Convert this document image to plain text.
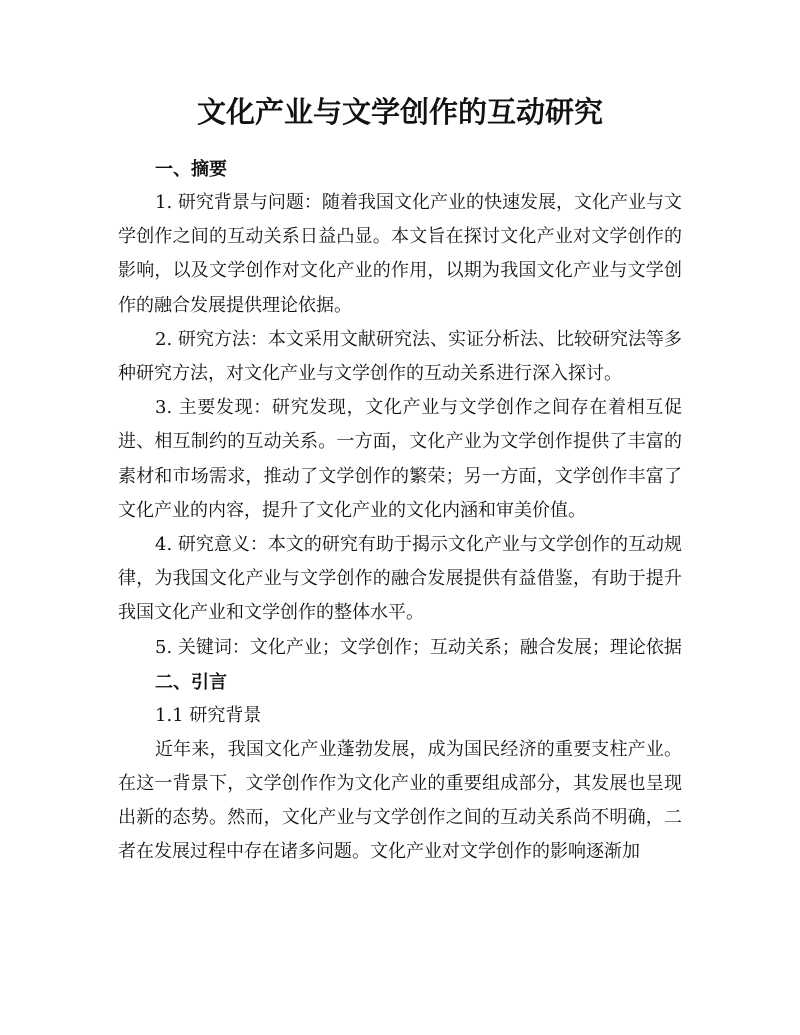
文化产业与文学创作的互动研究
一、摘要

1. 研究背景与问题：随着我国文化产业的快速发展，文化产业与文学创作之间的互动关系日益凸显。本文旨在探讨文化产业对文学创作的影响，以及文学创作对文化产业的作用，以期为我国文化产业与文学创作的融合发展提供理论依据。

2. 研究方法：本文采用文献研究法、实证分析法、比较研究法等多种研究方法，对文化产业与文学创作的互动关系进行深入探讨。

3. 主要发现：研究发现，文化产业与文学创作之间存在着相互促进、相互制约的互动关系。一方面，文化产业为文学创作提供了丰富的素材和市场需求，推动了文学创作的繁荣；另一方面，文学创作丰富了文化产业的内容，提升了文化产业的文化内涵和审美价值。

4. 研究意义：本文的研究有助于揭示文化产业与文学创作的互动规律，为我国文化产业与文学创作的融合发展提供有益借鉴，有助于提升我国文化产业和文学创作的整体水平。

5. 关键词：文化产业；文学创作；互动关系；融合发展；理论依据

二、引言

1.1 研究背景

近年来，我国文化产业蓬勃发展，成为国民经济的重要支柱产业。在这一背景下，文学创作作为文化产业的重要组成部分，其发展也呈现出新的态势。然而，文化产业与文学创作之间的互动关系尚不明确，二者在发展过程中存在诸多问题。文化产业对文学创作的影响逐渐加
